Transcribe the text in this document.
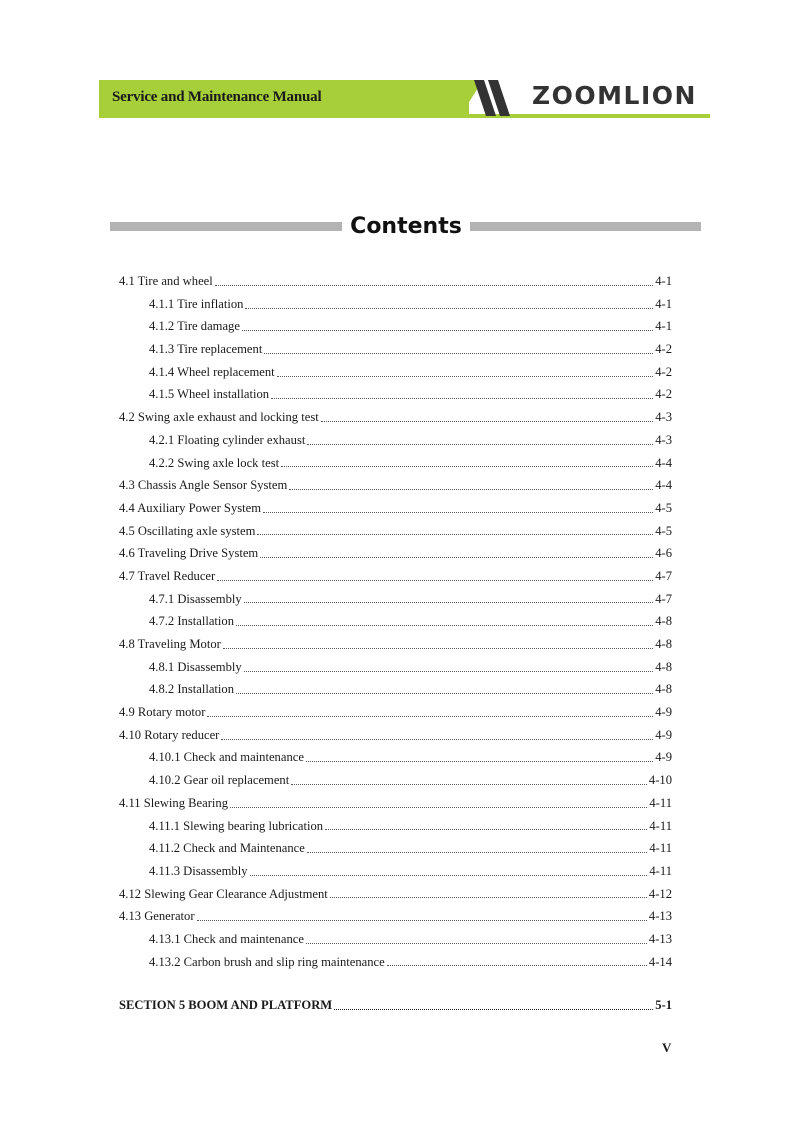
Service and Maintenance Manual	ZOOMLION
Contents
4.1 Tire and wheel	4-1
4.1.1 Tire inflation	4-1
4.1.2 Tire damage	4-1
4.1.3 Tire replacement	4-2
4.1.4 Wheel replacement	4-2
4.1.5 Wheel installation	4-2
4.2 Swing axle exhaust and locking test	4-3
4.2.1 Floating cylinder exhaust	4-3
4.2.2 Swing axle lock test	4-4
4.3 Chassis Angle Sensor System	4-4
4.4 Auxiliary Power System	4-5
4.5 Oscillating axle system	4-5
4.6 Traveling Drive System	4-6
4.7 Travel Reducer	4-7
4.7.1 Disassembly	4-7
4.7.2 Installation	4-8
4.8 Traveling Motor	4-8
4.8.1 Disassembly	4-8
4.8.2 Installation	4-8
4.9 Rotary motor	4-9
4.10 Rotary reducer	4-9
4.10.1 Check and maintenance	4-9
4.10.2 Gear oil replacement	4-10
4.11 Slewing Bearing	4-11
4.11.1 Slewing bearing lubrication	4-11
4.11.2 Check and Maintenance	4-11
4.11.3 Disassembly	4-11
4.12 Slewing Gear Clearance Adjustment	4-12
4.13 Generator	4-13
4.13.1 Check and maintenance	4-13
4.13.2 Carbon brush and slip ring maintenance	4-14
SECTION 5 BOOM AND PLATFORM	5-1
V
